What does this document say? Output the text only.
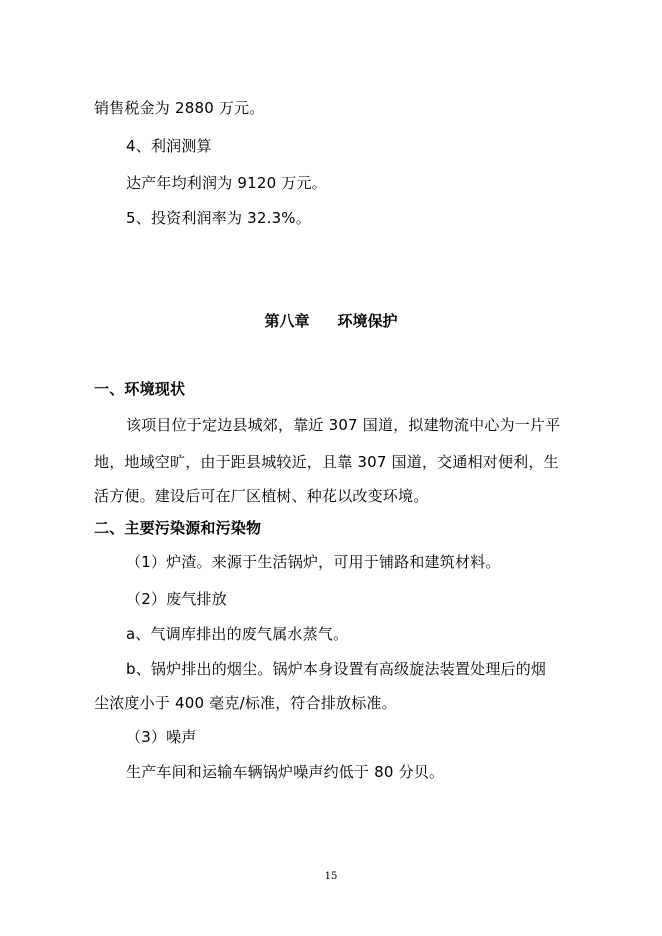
销售税金为 2880 万元。
4、利润测算
达产年均利润为 9120 万元。
5、投资利润率为 32.3%。
第八章 环境保护
一、环境现状
该项目位于定边县城郊，靠近 307 国道，拟建物流中心为一片平
地，地域空旷，由于距县城较近，且靠 307 国道，交通相对便利，生
活方便。建设后可在厂区植树、种花以改变环境。
二、主要污染源和污染物
（1）炉渣。来源于生活锅炉，可用于铺路和建筑材料。
（2）废气排放
a、气调库排出的废气属水蒸气。
b、锅炉排出的烟尘。锅炉本身设置有高级旋法装置处理后的烟
尘浓度小于 400 毫克/标准，符合排放标准。
（3）噪声
生产车间和运输车辆锅炉噪声约低于 80 分贝。
15
